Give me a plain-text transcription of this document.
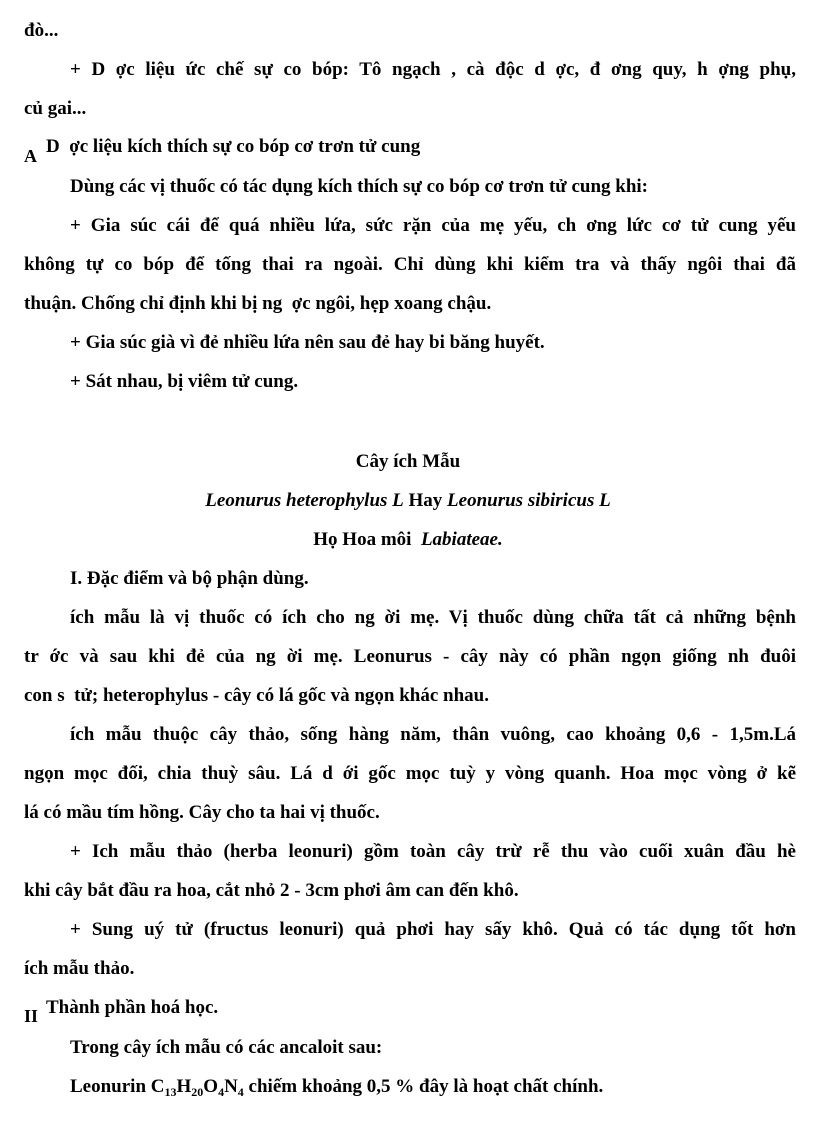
đò...
+ D ợc liệu ức chế sự co bóp: Tô ngạch , cà độc d ợc, đ ơng quy, h ợng phụ,
củ gai...
A D  ợc liệu kích thích sự co bóp cơ trơn tử cung
Dùng các vị thuốc có tác dụng kích thích sự co bóp cơ trơn tử cung khi:
+ Gia súc cái để quá nhiều lứa, sức rặn của mẹ yếu, ch ơng lức cơ tử cung yếu
không tự co bóp để tống thai ra ngoài. Chỉ dùng khi kiểm tra và thấy ngôi thai đã
thuận. Chống chỉ định khi bị ng  ợc ngôi, hẹp xoang chậu.
+ Gia súc già vì đẻ nhiều lứa nên sau đẻ hay bi băng huyết.
+ Sát nhau, bị viêm tử cung.
Cây ích Mẫu
Leonurus heterophylus L Hay Leonurus sibiricus L
Họ Hoa môi  Labiateae.
I. Đặc điểm và bộ phận dùng.
ích mẫu là vị thuốc có ích cho ng ời mẹ. Vị thuốc dùng chữa tất cả những bệnh
tr ớc và sau khi đẻ của ng ời mẹ. Leonurus - cây này có phần ngọn giống nh đuôi
con s  tử; heterophylus - cây có lá gốc và ngọn khác nhau.
ích mẫu thuộc cây thảo, sống hàng năm, thân vuông, cao khoảng 0,6 - 1,5m.Lá
ngọn mọc đối, chia thuỳ sâu. Lá d ới gốc mọc tuỳ y vòng quanh. Hoa mọc vòng ở kẽ
lá có mầu tím hồng. Cây cho ta hai vị thuốc.
+ Ich mẫu thảo (herba leonuri) gồm toàn cây trừ rễ thu vào cuối xuân đầu hè
khi cây bắt đầu ra hoa, cắt nhỏ 2 - 3cm phơi âm can đến khô.
+ Sung uý tử (fructus leonuri) quả phơi hay sấy khô. Quả có tác dụng tốt hơn
ích mẫu thảo.
II Thành phần hoá học.
Trong cây ích mẫu có các ancaloit sau:
Leonurin $C_{13}H_{20}O_4N_4$ chiếm khoảng 0,5 % đây là hoạt chất chính.
